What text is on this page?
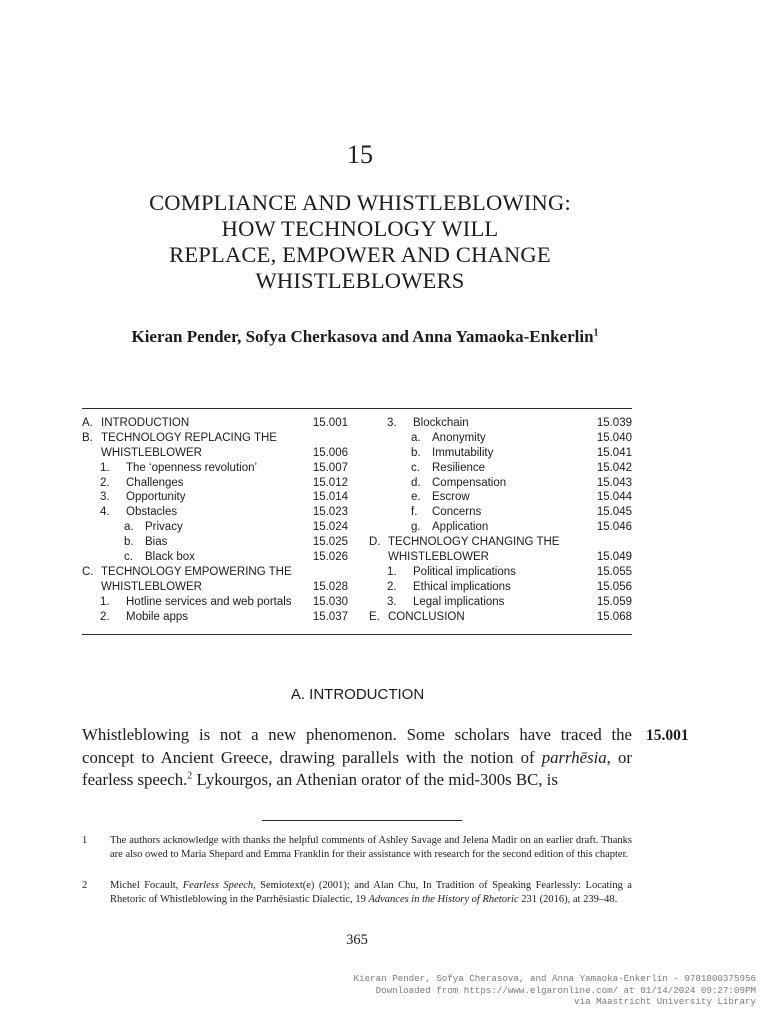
15
COMPLIANCE AND WHISTLEBLOWING:
HOW TECHNOLOGY WILL
REPLACE, EMPOWER AND CHANGE
WHISTLEBLOWERS
Kieran Pender, Sofya Cherkasova and Anna Yamaoka-Enkerlin$^1$
A. INTRODUCTION	15.001
B. TECHNOLOGY REPLACING THE
WHISTLEBLOWER	15.006
1. The ‘openness revolution’	15.007
2. Challenges	15.012
3. Opportunity	15.014
4. Obstacles	15.023
a. Privacy	15.024
b. Bias	15.025
c. Black box	15.026
C. TECHNOLOGY EMPOWERING THE
WHISTLEBLOWER	15.028
1. Hotline services and web portals 15.030
2. Mobile apps	15.037
3. Blockchain	15.039
a. Anonymity	15.040
b. Immutability	15.041
c. Resilience	15.042
d. Compensation	15.043
e. Escrow	15.044
f. Concerns	15.045
g. Application	15.046
D. TECHNOLOGY CHANGING THE
WHISTLEBLOWER	15.049
1. Political implications	15.055
2. Ethical implications	15.056
3. Legal implications	15.059
E. CONCLUSION	15.068
A. INTRODUCTION
Whistleblowing is not a new phenomenon. Some scholars have traced the concept to Ancient Greece, drawing parallels with the notion of parrhēsia, or fearless speech.$^2$ Lykourgos, an Athenian orator of the mid-300s BC, is
15.001
1 The authors acknowledge with thanks the helpful comments of Ashley Savage and Jelena Madir on an earlier draft. Thanks are also owed to Maria Shepard and Emma Franklin for their assistance with research for the second edition of this chapter.
2 Michel Focault, Fearless Speech, Semiotext(e) (2001); and Alan Chu, In Tradition of Speaking Fearlessly: Locating a Rhetoric of Whistleblowing in the Parrhēsiastic Dialectic, 19 Advances in the History of Rhetoric 231 (2016), at 239–48.
365
Kieran Pender, Sofya Cherasova, and Anna Yamaoka-Enkerlin - 9781800375956
Downloaded from https://www.elgaronline.com/ at 01/14/2024 09:27:09PM
via Maastricht University Library
